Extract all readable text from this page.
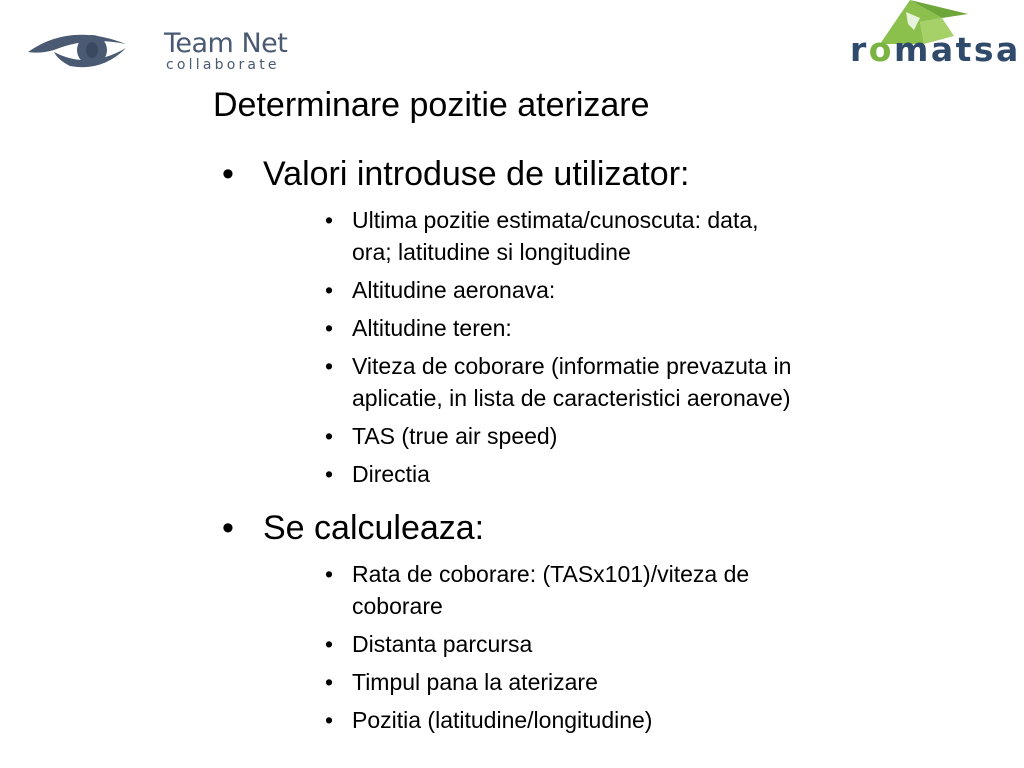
Team Net
collaborate	romatsa
Determinare pozitie aterizare
• Valori introduse de utilizator:
• Ultima pozitie estimata/cunoscuta: data, ora; latitudine si longitudine
• Altitudine aeronava:
• Altitudine teren:
• Viteza de coborare (informatie prevazuta in aplicatie, in lista de caracteristici aeronave)
• TAS (true air speed)
• Directia
• Se calculeaza:
• Rata de coborare: (TASx101)/viteza de coborare
• Distanta parcursa
• Timpul pana la aterizare
• Pozitia (latitudine/longitudine)
